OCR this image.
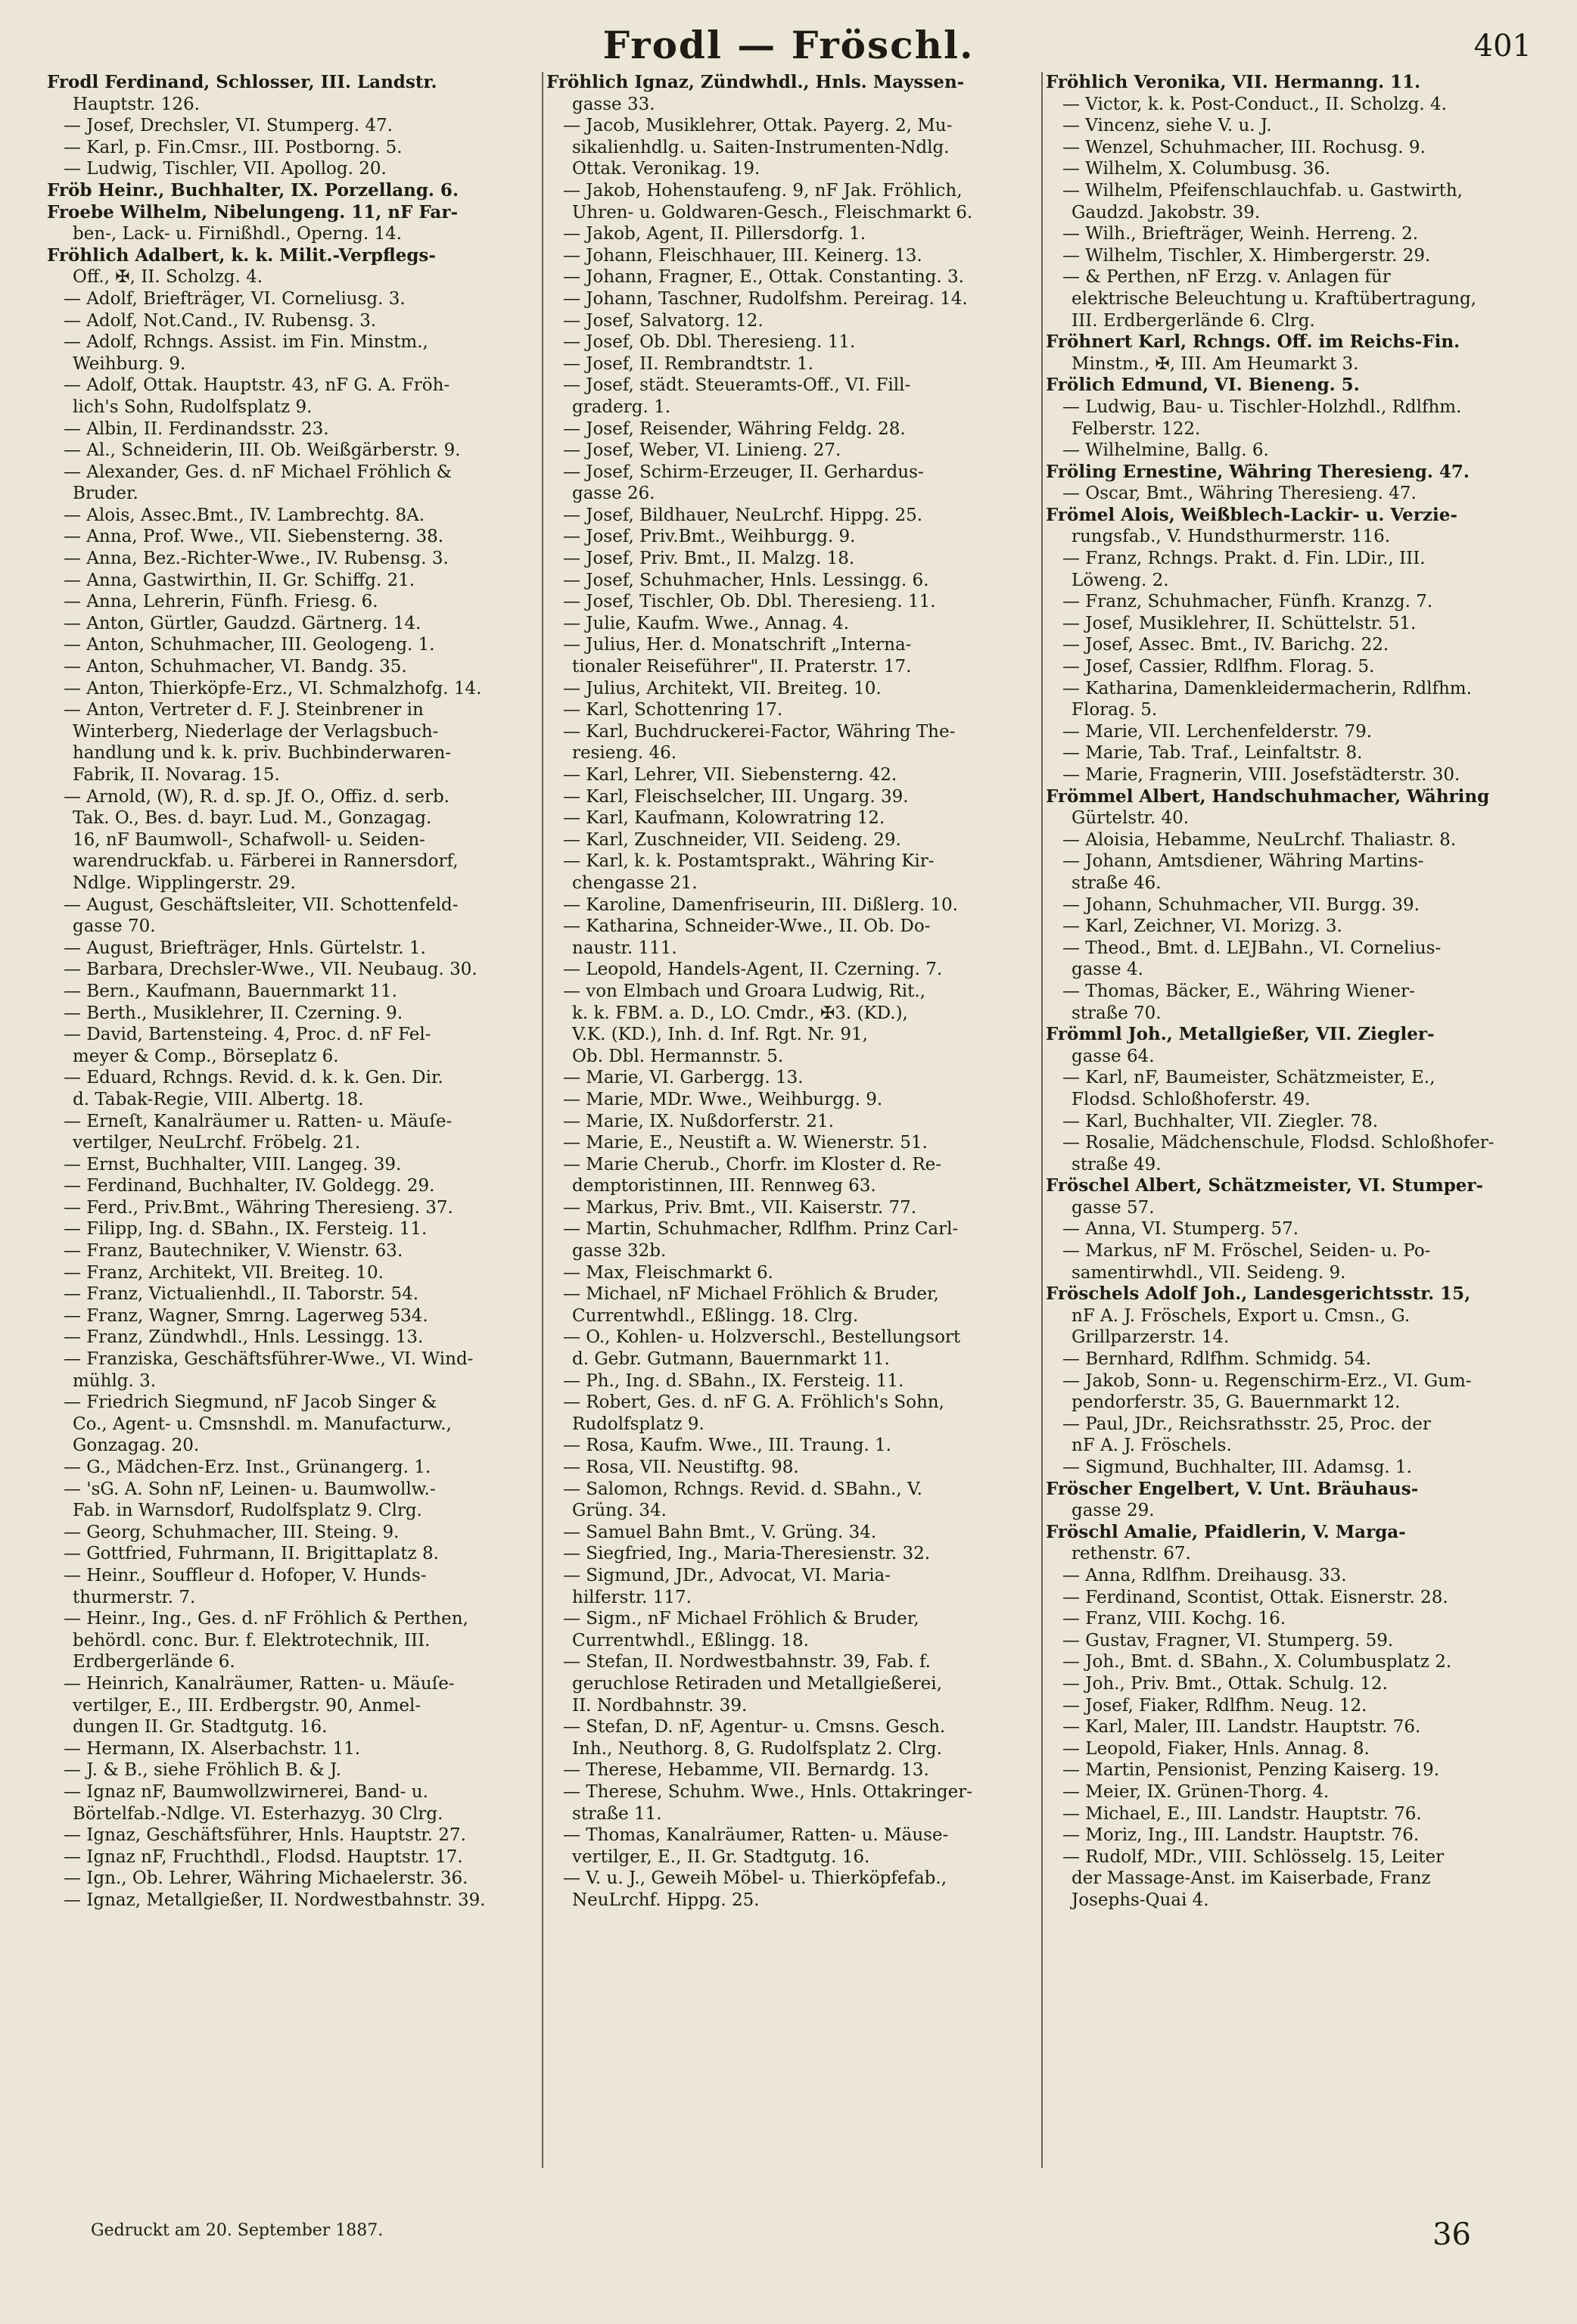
Frodl — Fröschl.	401
Frodl Ferdinand, Schlosser, III. Landstr.
Hauptstr. 126.
— Josef, Drechsler, VI. Stumperg. 47.
— Karl, p. Fin.Cmsr., III. Postborng. 5.
— Ludwig, Tischler, VII. Apollog. 20.
Fröb Heinr., Buchhalter, IX. Porzellang. 6.
Froebe Wilhelm, Nibelungeng. 11, nF Far-
ben-, Lack- u. Firnißhdl., Operng. 14.
Fröhlich Adalbert, k. k. Milit.-Verpflegs-
Off., ✠, II. Scholzg. 4.
— Adolf, Briefträger, VI. Corneliusg. 3.
— Adolf, Not.Cand., IV. Rubensg. 3.
— Adolf, Rchngs. Assist. im Fin. Minstm.,
Weihburg. 9.
— Adolf, Ottak. Hauptstr. 43, nF G. A. Fröh-
lich's Sohn, Rudolfsplatz 9.
— Albin, II. Ferdinandsstr. 23.
— Al., Schneiderin, III. Ob. Weißgärberstr. 9.
— Alexander, Ges. d. nF Michael Fröhlich &
Bruder.
— Alois, Assec.Bmt., IV. Lambrechtg. 8A.
— Anna, Prof. Wwe., VII. Siebensterng. 38.
— Anna, Bez.-Richter-Wwe., IV. Rubensg. 3.
— Anna, Gastwirthin, II. Gr. Schiffg. 21.
— Anna, Lehrerin, Fünfh. Friesg. 6.
— Anton, Gürtler, Gaudzd. Gärtnerg. 14.
— Anton, Schuhmacher, III. Geologeng. 1.
— Anton, Schuhmacher, VI. Bandg. 35.
— Anton, Thierköpfe-Erz., VI. Schmalzhofg. 14.
— Anton, Vertreter d. F. J. Steinbrener in
Winterberg, Niederlage der Verlagsbuch-
handlung und k. k. priv. Buchbinderwaren-
Fabrik, II. Novarag. 15.
— Arnold, (W), R. d. sp. Jf. O., Offiz. d. serb.
Tak. O., Bes. d. bayr. Lud. M., Gonzagag.
16, nF Baumwoll-, Schafwoll- u. Seiden-
warendruckfab. u. Färberei in Rannersdorf,
Ndlge. Wipplingerstr. 29.
— August, Geschäftsleiter, VII. Schottenfeld-
gasse 70.
— August, Briefträger, Hnls. Gürtelstr. 1.
— Barbara, Drechsler-Wwe., VII. Neubaug. 30.
— Bern., Kaufmann, Bauernmarkt 11.
— Berth., Musiklehrer, II. Czerning. 9.
— David, Bartensteing. 4, Proc. d. nF Fel-
meyer & Comp., Börseplatz 6.
— Eduard, Rchngs. Revid. d. k. k. Gen. Dir.
d. Tabak-Regie, VIII. Albertg. 18.
— Erneſt, Kanalräumer u. Ratten- u. Mäuſe-
vertilger, NeuLrchf. Fröbelg. 21.
— Ernst, Buchhalter, VIII. Langeg. 39.
— Ferdinand, Buchhalter, IV. Goldegg. 29.
— Ferd., Priv.Bmt., Währing Theresieng. 37.
— Filipp, Ing. d. SBahn., IX. Fersteig. 11.
— Franz, Bautechniker, V. Wienstr. 63.
— Franz, Architekt, VII. Breiteg. 10.
— Franz, Victualienhdl., II. Taborstr. 54.
— Franz, Wagner, Smrng. Lagerweg 534.
— Franz, Zündwhdl., Hnls. Lessingg. 13.
— Franziska, Geschäftsführer-Wwe., VI. Wind-
mühlg. 3.
— Friedrich Siegmund, nF Jacob Singer &
Co., Agent- u. Cmsnshdl. m. Manufacturw.,
Gonzagag. 20.
— G., Mädchen-Erz. Inst., Grünangerg. 1.
— 'sG. A. Sohn nF, Leinen- u. Baumwollw.-
Fab. in Warnsdorf, Rudolfsplatz 9. Clrg.
— Georg, Schuhmacher, III. Steing. 9.
— Gottfried, Fuhrmann, II. Brigittaplatz 8.
— Heinr., Souffleur d. Hofoper, V. Hunds-
thurmerstr. 7.
— Heinr., Ing., Ges. d. nF Fröhlich & Perthen,
behördl. conc. Bur. f. Elektrotechnik, III.
Erdbergerlände 6.
— Heinrich, Kanalräumer, Ratten- u. Mäuſe-
vertilger, E., III. Erdbergstr. 90, Anmel-
dungen II. Gr. Stadtgutg. 16.
— Hermann, IX. Alserbachstr. 11.
— J. & B., siehe Fröhlich B. & J.
— Ignaz nF, Baumwollzwirnerei, Band- u.
Börtelfab.-Ndlge. VI. Esterhazyg. 30 Clrg.
— Ignaz, Geschäftsführer, Hnls. Hauptstr. 27.
— Ignaz nF, Fruchthdl., Flodsd. Hauptstr. 17.
— Ign., Ob. Lehrer, Währing Michaelerstr. 36.
— Ignaz, Metallgießer, II. Nordwestbahnstr. 39.
Fröhlich Ignaz, Zündwhdl., Hnls. Mayssen-
gasse 33.
— Jacob, Musiklehrer, Ottak. Payerg. 2, Mu-
sikalienhdlg. u. Saiten-Instrumenten-Ndlg.
Ottak. Veronikag. 19.
— Jakob, Hohenstaufeng. 9, nF Jak. Fröhlich,
Uhren- u. Goldwaren-Gesch., Fleischmarkt 6.
— Jakob, Agent, II. Pillersdorfg. 1.
— Johann, Fleischhauer, III. Keinerg. 13.
— Johann, Fragner, E., Ottak. Constanting. 3.
— Johann, Taschner, Rudolfshm. Pereirag. 14.
— Josef, Salvatorg. 12.
— Josef, Ob. Dbl. Theresieng. 11.
— Josef, II. Rembrandtstr. 1.
— Josef, städt. Steueramts-Off., VI. Fill-
graderg. 1.
— Josef, Reisender, Währing Feldg. 28.
— Josef, Weber, VI. Linieng. 27.
— Josef, Schirm-Erzeuger, II. Gerhardus-
gasse 26.
— Josef, Bildhauer, NeuLrchf. Hippg. 25.
— Josef, Priv.Bmt., Weihburgg. 9.
— Josef, Priv. Bmt., II. Malzg. 18.
— Josef, Schuhmacher, Hnls. Lessingg. 6.
— Josef, Tischler, Ob. Dbl. Theresieng. 11.
— Julie, Kaufm. Wwe., Annag. 4.
— Julius, Her. d. Monatschrift „Interna-
tionaler Reiseführer", II. Praterstr. 17.
— Julius, Architekt, VII. Breiteg. 10.
— Karl, Schottenring 17.
— Karl, Buchdruckerei-Factor, Währing The-
resieng. 46.
— Karl, Lehrer, VII. Siebensterng. 42.
— Karl, Fleischselcher, III. Ungarg. 39.
— Karl, Kaufmann, Kolowratring 12.
— Karl, Zuschneider, VII. Seideng. 29.
— Karl, k. k. Postamtsprakt., Währing Kir-
chengasse 21.
— Karoline, Damenfriseurin, III. Dißlerg. 10.
— Katharina, Schneider-Wwe., II. Ob. Do-
naustr. 111.
— Leopold, Handels-Agent, II. Czerning. 7.
— von Elmbach und Groara Ludwig, Rit.,
k. k. FBM. a. D., LO. Cmdr., ✠3. (KD.),
V.K. (KD.), Inh. d. Inf. Rgt. Nr. 91,
Ob. Dbl. Hermannstr. 5.
— Marie, VI. Garbergg. 13.
— Marie, MDr. Wwe., Weihburgg. 9.
— Marie, IX. Nußdorferstr. 21.
— Marie, E., Neustift a. W. Wienerstr. 51.
— Marie Cherub., Chorfr. im Kloster d. Re-
demptoristinnen, III. Rennweg 63.
— Markus, Priv. Bmt., VII. Kaiserstr. 77.
— Martin, Schuhmacher, Rdlfhm. Prinz Carl-
gasse 32b.
— Max, Fleischmarkt 6.
— Michael, nF Michael Fröhlich & Bruder,
Currentwhdl., Eßlingg. 18. Clrg.
— O., Kohlen- u. Holzverschl., Bestellungsort
d. Gebr. Gutmann, Bauernmarkt 11.
— Ph., Ing. d. SBahn., IX. Fersteig. 11.
— Robert, Ges. d. nF G. A. Fröhlich's Sohn,
Rudolfsplatz 9.
— Rosa, Kaufm. Wwe., III. Traung. 1.
— Rosa, VII. Neustiftg. 98.
— Salomon, Rchngs. Revid. d. SBahn., V.
Grüng. 34.
— Samuel Bahn Bmt., V. Grüng. 34.
— Siegfried, Ing., Maria-Theresienstr. 32.
— Sigmund, JDr., Advocat, VI. Maria-
hilferstr. 117.
— Sigm., nF Michael Fröhlich & Bruder,
Currentwhdl., Eßlingg. 18.
— Stefan, II. Nordwestbahnstr. 39, Fab. f.
geruchlose Retiraden und Metallgießerei,
II. Nordbahnstr. 39.
— Stefan, D. nF, Agentur- u. Cmsns. Gesch.
Inh., Neuthorg. 8, G. Rudolfsplatz 2. Clrg.
— Therese, Hebamme, VII. Bernardg. 13.
— Therese, Schuhm. Wwe., Hnls. Ottakringer-
straße 11.
— Thomas, Kanalräumer, Ratten- u. Mäuse-
vertilger, E., II. Gr. Stadtgutg. 16.
— V. u. J., Geweih Möbel- u. Thierköpfefab.,
NeuLrchf. Hippg. 25.
Fröhlich Veronika, VII. Hermanng. 11.
— Victor, k. k. Post-Conduct., II. Scholzg. 4.
— Vincenz, siehe V. u. J.
— Wenzel, Schuhmacher, III. Rochusg. 9.
— Wilhelm, X. Columbusg. 36.
— Wilhelm, Pfeifenschlauchfab. u. Gastwirth,
Gaudzd. Jakobstr. 39.
— Wilh., Briefträger, Weinh. Herreng. 2.
— Wilhelm, Tischler, X. Himbergerstr. 29.
— & Perthen, nF Erzg. v. Anlagen für
elektrische Beleuchtung u. Kraftübertragung,
III. Erdbergerlände 6. Clrg.
Fröhnert Karl, Rchngs. Off. im Reichs-Fin.
Minstm., ✠, III. Am Heumarkt 3.
Frölich Edmund, VI. Bieneng. 5.
— Ludwig, Bau- u. Tischler-Holzhdl., Rdlfhm.
Felberstr. 122.
— Wilhelmine, Ballg. 6.
Fröling Ernestine, Währing Theresieng. 47.
— Oscar, Bmt., Währing Theresieng. 47.
Frömel Alois, Weißblech-Lackir- u. Verzie-
rungsfab., V. Hundsthurmerstr. 116.
— Franz, Rchngs. Prakt. d. Fin. LDir., III.
Löweng. 2.
— Franz, Schuhmacher, Fünfh. Kranzg. 7.
— Josef, Musiklehrer, II. Schüttelstr. 51.
— Josef, Assec. Bmt., IV. Barichg. 22.
— Josef, Cassier, Rdlfhm. Florag. 5.
— Katharina, Damenkleidermacherin, Rdlfhm.
Florag. 5.
— Marie, VII. Lerchenfelderstr. 79.
— Marie, Tab. Traf., Leinfaltstr. 8.
— Marie, Fragnerin, VIII. Josefstädterstr. 30.
Frömmel Albert, Handschuhmacher, Währing
Gürtelstr. 40.
— Aloisia, Hebamme, NeuLrchf. Thaliastr. 8.
— Johann, Amtsdiener, Währing Martins-
straße 46.
— Johann, Schuhmacher, VII. Burgg. 39.
— Karl, Zeichner, VI. Morizg. 3.
— Theod., Bmt. d. LEJBahn., VI. Cornelius-
gasse 4.
— Thomas, Bäcker, E., Währing Wiener-
straße 70.
Frömml Joh., Metallgießer, VII. Ziegler-
gasse 64.
— Karl, nF, Baumeister, Schätzmeister, E.,
Flodsd. Schloßhoferstr. 49.
— Karl, Buchhalter, VII. Ziegler. 78.
— Rosalie, Mädchenschule, Flodsd. Schloßhofer-
straße 49.
Fröschel Albert, Schätzmeister, VI. Stumper-
gasse 57.
— Anna, VI. Stumperg. 57.
— Markus, nF M. Fröschel, Seiden- u. Po-
samentirwhdl., VII. Seideng. 9.
Fröschels Adolf Joh., Landesgerichtsstr. 15,
nF A. J. Fröschels, Export u. Cmsn., G.
Grillparzerstr. 14.
— Bernhard, Rdlfhm. Schmidg. 54.
— Jakob, Sonn- u. Regenschirm-Erz., VI. Gum-
pendorferstr. 35, G. Bauernmarkt 12.
— Paul, JDr., Reichsrathsstr. 25, Proc. der
nF A. J. Fröschels.
— Sigmund, Buchhalter, III. Adamsg. 1.
Fröscher Engelbert, V. Unt. Bräuhaus-
gasse 29.
Fröschl Amalie, Pfaidlerin, V. Marga-
rethenstr. 67.
— Anna, Rdlfhm. Dreihausg. 33.
— Ferdinand, Scontist, Ottak. Eisnerstr. 28.
— Franz, VIII. Kochg. 16.
— Gustav, Fragner, VI. Stumperg. 59.
— Joh., Bmt. d. SBahn., X. Columbusplatz 2.
— Joh., Priv. Bmt., Ottak. Schulg. 12.
— Josef, Fiaker, Rdlfhm. Neug. 12.
— Karl, Maler, III. Landstr. Hauptstr. 76.
— Leopold, Fiaker, Hnls. Annag. 8.
— Martin, Pensionist, Penzing Kaiserg. 19.
— Meier, IX. Grünen-Thorg. 4.
— Michael, E., III. Landstr. Hauptstr. 76.
— Moriz, Ing., III. Landstr. Hauptstr. 76.
— Rudolf, MDr., VIII. Schlösselg. 15, Leiter
der Massage-Anst. im Kaiserbade, Franz
Josephs-Quai 4.
Gedruckt am 20. September 1887.	36
